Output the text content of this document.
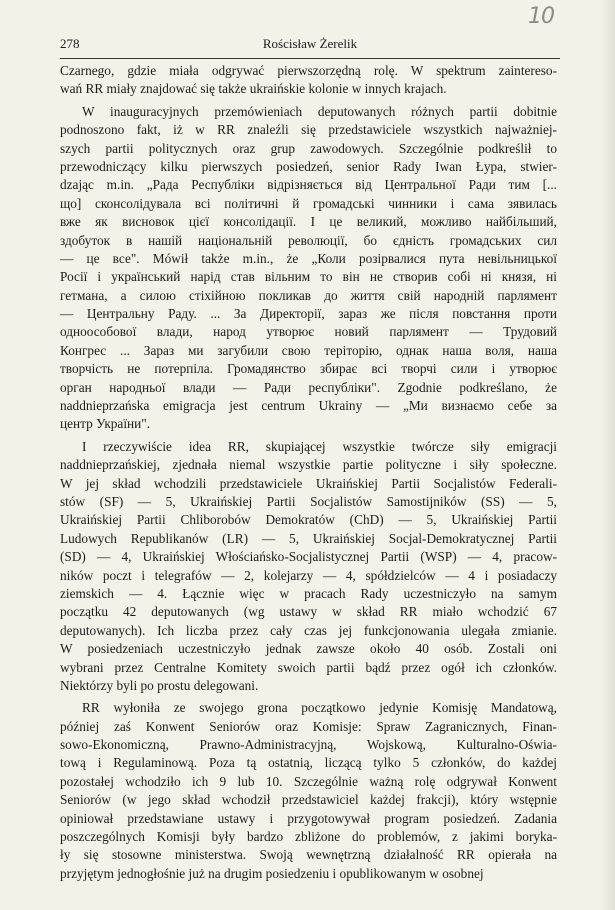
10
278	Rościsław Żerelik
Czarnego, gdzie miała odgrywać pierwszorzędną rolę. W spektrum zaintereso-
wań RR miały znajdować się także ukraińskie kolonie w innych krajach.
W inauguracyjnych przemówieniach deputowanych różnych partii dobitnie
podnoszono fakt, iż w RR znaleźli się przedstawiciele wszystkich najważniej-
szych partii politycznych oraz grup zawodowych. Szczególnie podkreślił to
przewodniczący kilku pierwszych posiedzeń, senior Rady Iwan Łypa, stwier-
dzając m.in. „Рада Республіки відрізняється від Центральної Ради тим [...
що] сконсолідувала всі політичні й громадські чинники і сама зявилась
вже як висновок цієї консолідації. І це великий, можливо найбільший,
здобуток в нашій національній революції, бо єдність громадських сил
— це все". Mówił także m.in., że „Коли розірвалися пута невільницької
Росії і український нарід став вільним то він не створив собі ні князя, ні
гетмана, а силою стіхійною покликав до життя свій народній парлямент
— Центральну Раду. ... За Директорії, зараз же після повстання проти
одноособової влади, народ утворює новий парлямент — Трудовий
Конгрес ... Зараз ми загубили свою теріторію, однак наша воля, наша
творчість не потерпіла. Громадянство збирає всі творчі сили і утворює
орган народньої влади — Ради республіки". Zgodnie podkreślano, że
naddnieprzańska emigracja jest centrum Ukrainy — „Ми визнаємо себе за
центр України".
I rzeczywiście idea RR, skupiającej wszystkie twórcze siły emigracji
naddnieprzańskiej, zjednała niemal wszystkie partie polityczne i siły społeczne.
W jej skład wchodzili przedstawiciele Ukraińskiej Partii Socjalistów Federali-
stów (SF) — 5, Ukraińskiej Partii Socjalistów Samostijników (SS) — 5,
Ukraińskiej Partii Chliborobów Demokratów (ChD) — 5, Ukraińskiej Partii
Ludowych Republikanów (LR) — 5, Ukraińskiej Socjal-Demokratycznej Partii
(SD) — 4, Ukraińskiej Włościańsko-Socjalistycznej Partii (WSP) — 4, pracow-
ników poczt i telegrafów — 2, kolejarzy — 4, spółdzielców — 4 i posiadaczy
ziemskich — 4. Łącznie więc w pracach Rady uczestniczyło na samym
początku 42 deputowanych (wg ustawy w skład RR miało wchodzić 67
deputowanych). Ich liczba przez cały czas jej funkcjonowania ulegała zmianie.
W posiedzeniach uczestniczyło jednak zawsze około 40 osób. Zostali oni
wybrani przez Centralne Komitety swoich partii bądź przez ogół ich członków.
Niektórzy byli po prostu delegowani.
RR wyłoniła ze swojego grona początkowo jedynie Komisję Mandatową,
później zaś Konwent Seniorów oraz Komisje: Spraw Zagranicznych, Finan-
sowo-Ekonomiczną, Prawno-Administracyjną, Wojskową, Kulturalno-Oświa-
tową i Regulaminową. Poza tą ostatnią, liczącą tylko 5 członków, do każdej
pozostałej wchodziło ich 9 lub 10. Szczególnie ważną rolę odgrywał Konwent
Seniorów (w jego skład wchodził przedstawiciel każdej frakcji), który wstępnie
opiniował przedstawiane ustawy i przygotowywał program posiedzeń. Zadania
poszczególnych Komisji były bardzo zbliżone do problemów, z jakimi boryka-
ły się stosowne ministerstwa. Swoją wewnętrzną działalność RR opierała na
przyjętym jednogłośnie już na drugim posiedzeniu i opublikowanym w osobnej
